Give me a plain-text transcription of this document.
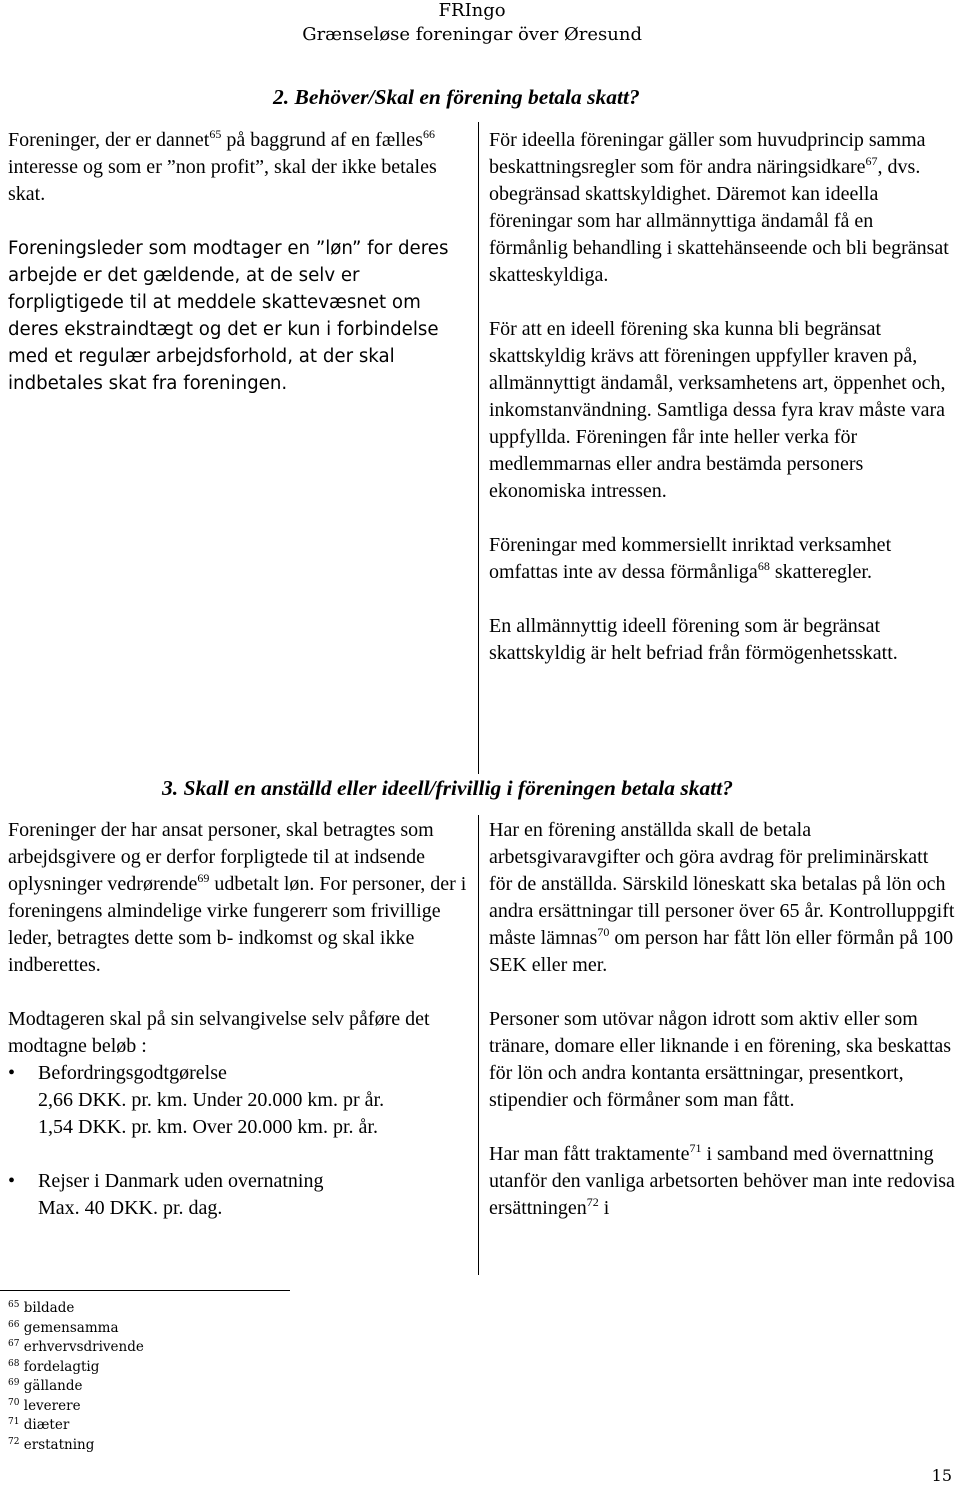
FRIngo
Grænseløse foreningar över Øresund
2. Behöver/Skal en förening betala skatt?

Foreninger, der er dannet$^{65}$ på baggrund af en fælles$^{66}$ interesse og som er ”non profit”, skal der ikke betales skat.

Foreningsleder som modtager en ”løn” for deres arbejde er det gældende, at de selv er forpligtigede til at meddele skattevæsnet om deres ekstraindtægt og det er kun i forbindelse med et regulær arbejdsforhold, at der skal indbetales skat fra foreningen.

För ideella föreningar gäller som huvudprincip samma beskattningsregler som för andra näringsidkare$^{67}$, dvs. obegränsad skattskyldighet. Däremot kan ideella föreningar som har allmännyttiga ändamål få en förmånlig behandling i skattehänseende och bli begränsat skatteskyldiga.

För att en ideell förening ska kunna bli begränsat skattskyldig krävs att föreningen uppfyller kraven på, allmännyttigt ändamål, verksamhetens art, öppenhet och, inkomstanvändning. Samtliga dessa fyra krav måste vara uppfyllda. Föreningen får inte heller verka för medlemmarnas eller andra bestämda personers ekonomiska intressen.

Föreningar med kommersiellt inriktad verksamhet omfattas inte av dessa förmånliga$^{68}$ skatteregler.

En allmännyttig ideell förening som är begränsat skattskyldig är helt befriad från förmögenhetsskatt.

3. Skall en anställd eller ideell/frivillig i föreningen betala skatt?

Foreninger der har ansat personer, skal betragtes som arbejdsgivere og er derfor forpligtede til at indsende oplysninger vedrørende$^{69}$ udbetalt løn. For personer, der i foreningens almindelige virke fungererr som frivillige leder, betragtes dette som b- indkomst og skal ikke indberettes.

Modtageren skal på sin selvangivelse selv påføre det modtagne beløb :

• Befordringsgodtgørelse
2,66 DKK. pr. km. Under 20.000 km. pr år.
1,54 DKK. pr. km. Over 20.000 km. pr. år.
• Rejser i Danmark uden overnatning
Max. 40 DKK. pr. dag.

Har en förening anställda skall de betala arbetsgivaravgifter och göra avdrag för preliminärskatt för de anställda. Särskild löneskatt ska betalas på lön och andra ersättningar till personer över 65 år. Kontrolluppgift måste lämnas$^{70}$ om person har fått lön eller förmån på 100 SEK eller mer.

Personer som utövar någon idrott som aktiv eller som tränare, domare eller liknande i en förening, ska beskattas för lön och andra kontanta ersättningar, presentkort, stipendier och förmåner som man fått.

Har man fått traktamente$^{71}$ i samband med övernattning utanför den vanliga arbetsorten behöver man inte redovisa ersättningen$^{72}$ i

$^{65}$ bildade
$^{66}$ gemensamma
$^{67}$ erhvervsdrivende
$^{68}$ fordelagtig
$^{69}$ gällande
$^{70}$ leverere
$^{71}$ diæter
$^{72}$ erstatning
15
